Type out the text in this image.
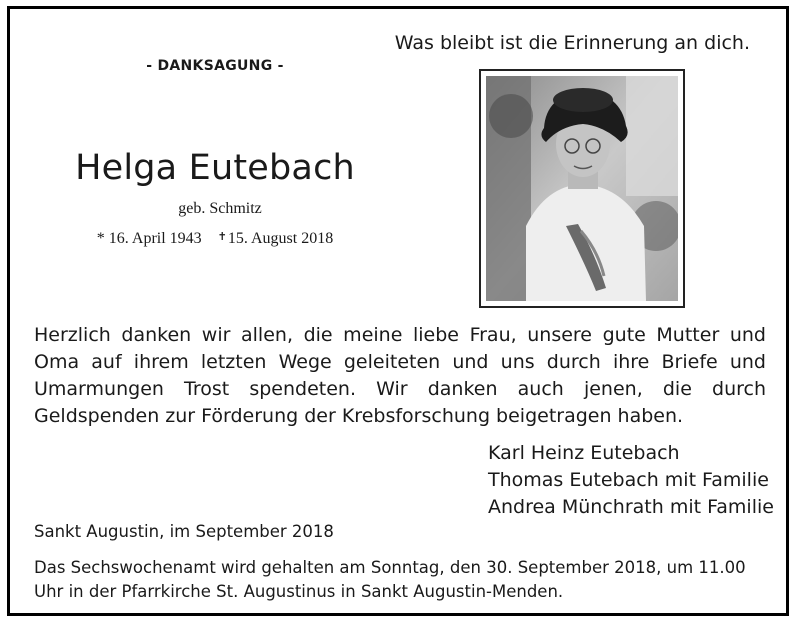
- DANKSAGUNG -
Was bleibt ist die Erinnerung an dich.
Helga Eutebach
geb. Schmitz
* 16. April 1943 ✝15. August 2018
Herzlich danken wir allen, die meine liebe Frau, unsere gute Mutter und Oma auf ihrem letzten Wege geleiteten und uns durch ihre Briefe und Umarmungen Trost spendeten. Wir danken auch jenen, die durch Geldspenden zur Förderung der Krebsforschung beigetragen haben.
Karl Heinz Eutebach
Thomas Eutebach mit Familie
Andrea Münchrath mit Familie
Sankt Augustin, im September 2018
Das Sechswochenamt wird gehalten am Sonntag, den 30. September 2018, um 11.00 Uhr in der Pfarrkirche St. Augustinus in Sankt Augustin-Menden.
